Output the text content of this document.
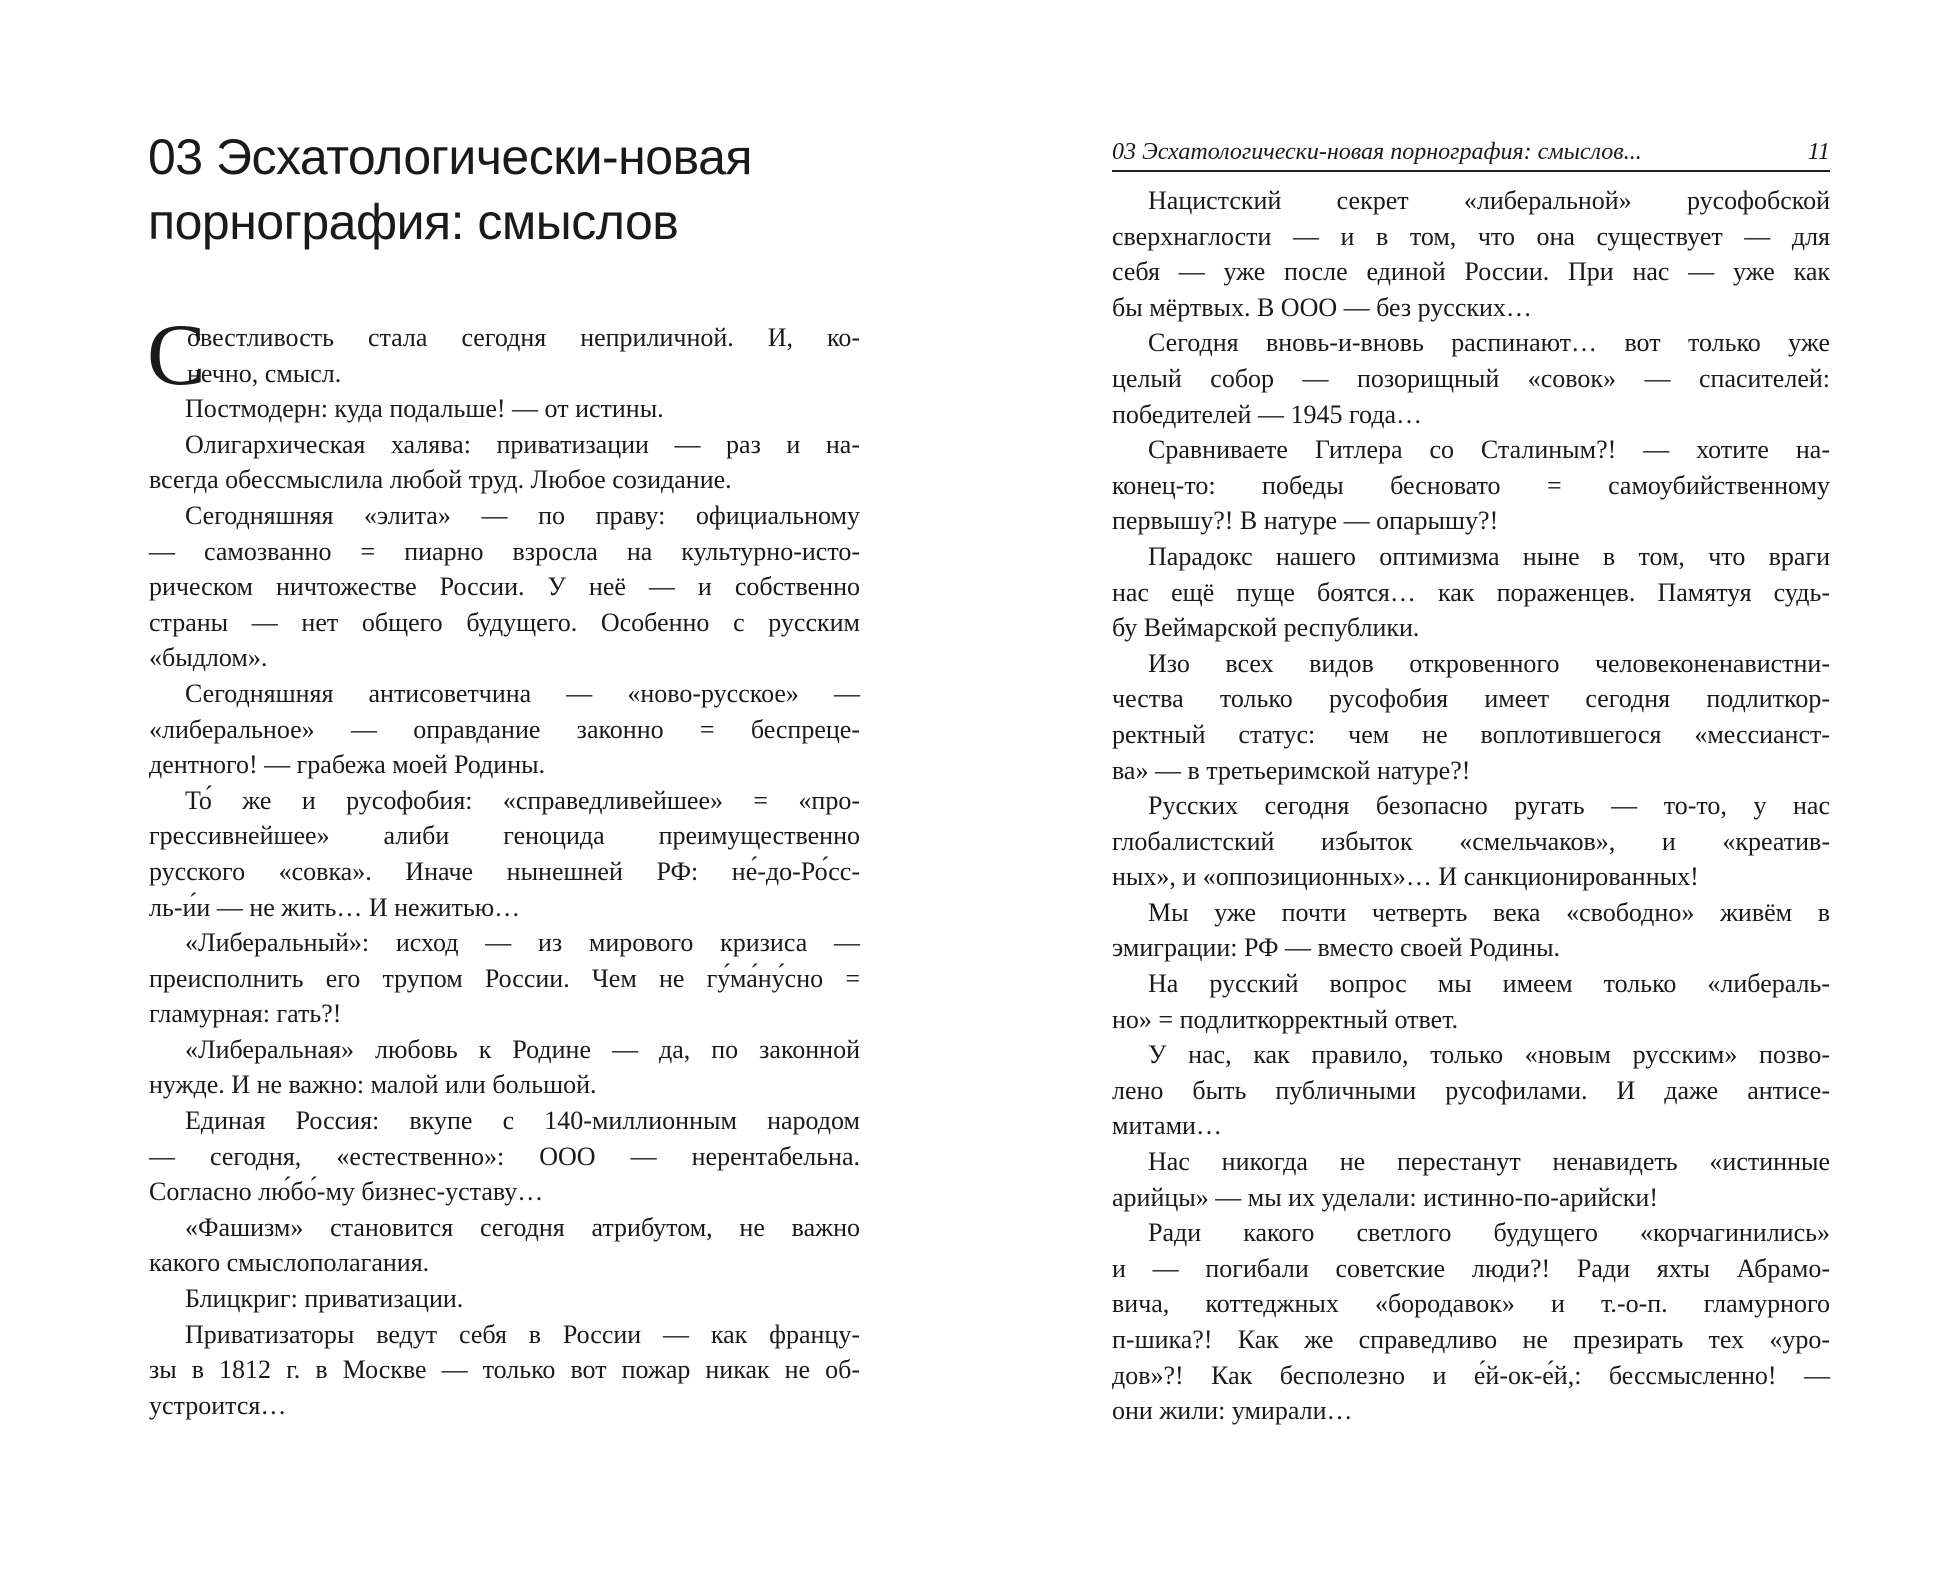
03 Эсхатологически-новая
порнография: смыслов
С
овестливость стала сегодня неприличной. И, ко-
нечно, смысл.
Постмодерн: куда подальше! — от истины.
Олигархическая халява: приватизации — раз и на-
всегда обессмыслила любой труд. Любое созидание.
Сегодняшняя «элита» — по праву: официальному
— самозванно = пиарно взросла на культурно-исто-
рическом ничтожестве России. У неё — и собственно
страны — нет общего будущего. Особенно с русским
«быдлом».
Сегодняшняя антисоветчина — «ново-русское» —
«либеральное» — оправдание законно = беспреце-
дентного! — грабежа моей Родины.
То́ же и русофобия: «справедливейшее» = «про-
грессивнейшее» алиби геноцида преимущественно
русского «совка». Иначе нынешней РФ: не́-до-Ро́сс-
ль-и́и — не жить… И нежитью…
«Либеральный»: исход — из мирового кризиса —
преисполнить его трупом России. Чем не гу́ма́ну́сно =
гламурная: гать?!
«Либеральная» любовь к Родине — да, по законной
нужде. И не важно: малой или большой.
Единая Россия: вкупе с 140-миллионным народом
— сегодня, «естественно»: ООО — нерентабельна.
Согласно лю́бо́-му бизнес-уставу…
«Фашизм» становится сегодня атрибутом, не важно
какого смыслополагания.
Блицкриг: приватизации.
Приватизаторы ведут себя в России — как францу-
зы в 1812 г. в Москве — только вот пожар никак не об-
устроится…
03 Эсхатологически-новая порнография: смыслов...	11
Нацистский секрет «либеральной» русофобской
сверхнаглости — и в том, что она существует — для
себя — уже после единой России. При нас — уже как
бы мёртвых. В ООО — без русских…
Сегодня вновь-и-вновь распинают… вот только уже
целый собор — позорищный «совок» — спасителей:
победителей — 1945 года…
Сравниваете Гитлера со Сталиным?! — хотите на-
конец-то: победы бесновато = самоубийственному
первышу?! В натуре — опарышу?!
Парадокс нашего оптимизма ныне в том, что враги
нас ещё пуще боятся… как пораженцев. Памятуя судь-
бу Веймарской республики.
Изо всех видов откровенного человеконенавистни-
чества только русофобия имеет сегодня подлиткор-
ректный статус: чем не воплотившегося «мессианст-
ва» — в третьеримской натуре?!
Русских сегодня безопасно ругать — то-то, у нас
глобалистский избыток «смельчаков», и «креатив-
ных», и «оппозиционных»… И санкционированных!
Мы уже почти четверть века «свободно» живём в
эмиграции: РФ — вместо своей Родины.
На русский вопрос мы имеем только «либераль-
но» = подлиткорректный ответ.
У нас, как правило, только «новым русским» позво-
лено быть публичными русофилами. И даже антисе-
митами…
Нас никогда не перестанут ненавидеть «истинные
арийцы» — мы их уделали: истинно-по-арийски!
Ради какого светлого будущего «корчагинились»
и — погибали советские люди?! Ради яхты Абрамо-
вича, коттеджных «бородавок» и т.-о-п. гламурного
п-шика?! Как же справедливо не презирать тех «уро-
дов»?! Как бесполезно и е́й-ок-е́й,: бессмысленно! —
они жили: умирали…
